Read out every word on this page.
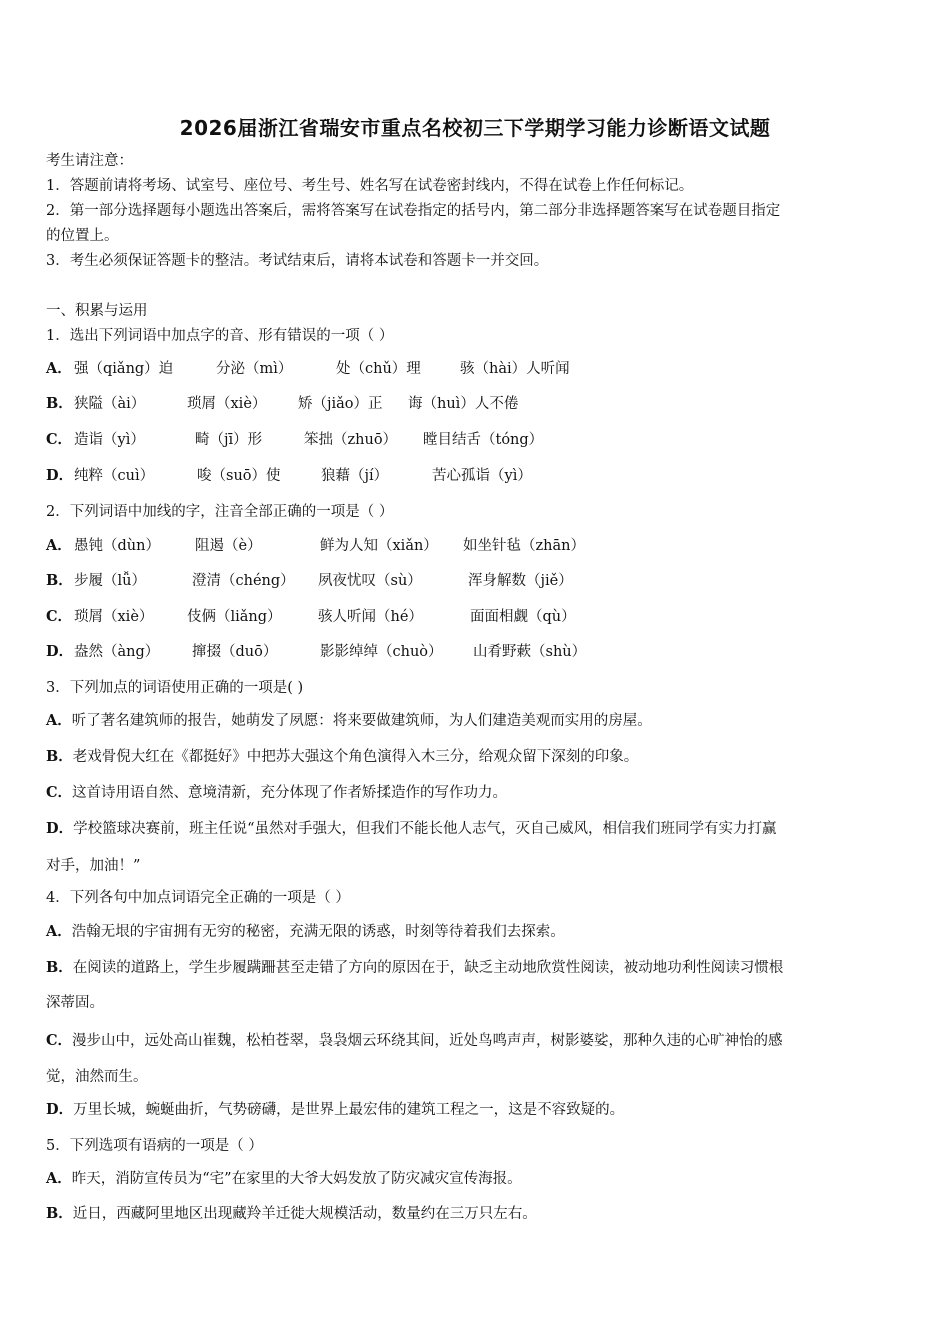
2026届浙江省瑞安市重点名校初三下学期学习能力诊断语文试题
考生请注意：
1．答题前请将考场、试室号、座位号、考生号、姓名写在试卷密封线内，不得在试卷上作任何标记。
2．第一部分选择题每小题选出答案后，需将答案写在试卷指定的括号内，第二部分非选择题答案写在试卷题目指定
的位置上。
3．考生必须保证答题卡的整洁。考试结束后，请将本试卷和答题卡一并交回。
一、积累与运用
1．选出下列词语中加点字的音、形有错误的一项（ ）
A． 强（qiǎng）迫	分泌（mì）	处（chǔ）理	骇（hài）人听闻
B． 狭隘（ài）	琐屑（xiè） 矫（jiǎo）正 诲（huì）人不倦
C． 造诣（yì）	畸（jī）形	笨拙（zhuō） 瞠目结舌（tóng）
D． 纯粹（cuì）	唆（suō）使	狼藉（jí）	苦心孤诣（yì）
2．下列词语中加线的字，注音全部正确的一项是（ ）
A． 愚钝（dùn） 阻遏（è）	鲜为人知（xiǎn） 如坐针毡（zhān）
B． 步履（lǚ）	澄清（chéng） 夙夜忧叹（sù）	浑身解数（jiě）
C． 琐屑（xiè） 伎俩（liǎng）	骇人听闻（hé）	面面相觑（qù）
D． 盎然（àng） 撺掇（duō）	影影绰绰（chuò） 山肴野蔌（shù）
3．下列加点的词语使用正确的一项是( )
A．听了著名建筑师的报告，她萌发了夙愿：将来要做建筑师，为人们建造美观而实用的房屋。
B．老戏骨倪大红在《都挺好》中把苏大强这个角色演得入木三分，给观众留下深刻的印象。
C．这首诗用语自然、意境清新，充分体现了作者矫揉造作的写作功力。
D．学校篮球决赛前，班主任说“虽然对手强大，但我们不能长他人志气，灭自己威风，相信我们班同学有实力打赢
对手，加油！”
4．下列各句中加点词语完全正确的一项是（ ）
A．浩翰无垠的宇宙拥有无穷的秘密，充满无限的诱惑，时刻等待着我们去探索。
B．在阅读的道路上，学生步履蹒跚甚至走错了方向的原因在于，缺乏主动地欣赏性阅读，被动地功利性阅读习惯根
深蒂固。
C．漫步山中，远处高山崔魏，松柏苍翠，袅袅烟云环绕其间，近处鸟鸣声声，树影婆娑，那种久违的心旷神怡的感
觉，油然而生。
D．万里长城，蜿蜒曲折，气势磅礴，是世界上最宏伟的建筑工程之一，这是不容致疑的。
5．下列选项有语病的一项是（ ）
A．昨天，消防宣传员为“宅”在家里的大爷大妈发放了防灾减灾宣传海报。
B．近日，西藏阿里地区出现藏羚羊迁徙大规模活动，数量约在三万只左右。
